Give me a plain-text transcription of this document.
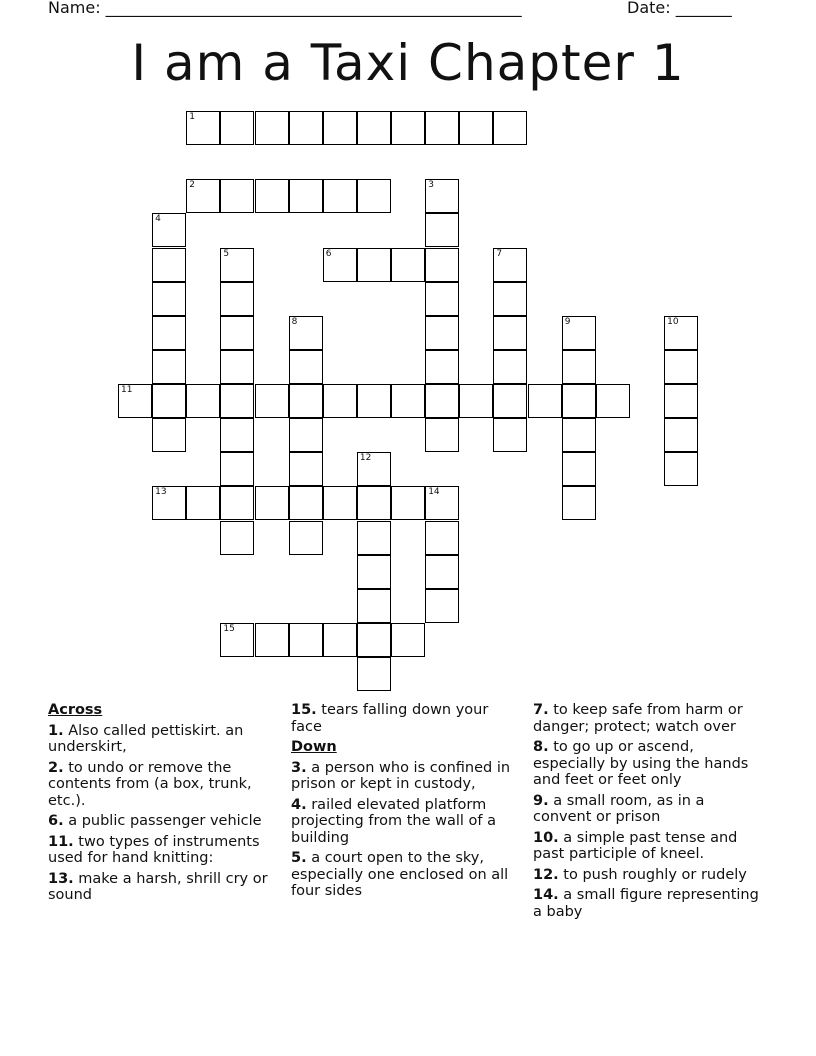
Name: ____________________________________________________	Date: _______
I am a Taxi Chapter 1
1
2	3
4
5	6	7
8	9	10
11
12
13	14
15
Across
1. Also called pettiskirt. an underskirt,
2. to undo or remove the contents from (a box, trunk, etc.).
6. a public passenger vehicle
11. two types of instruments used for hand knitting:
13. make a harsh, shrill cry or sound
15. tears falling down your face
Down
3. a person who is confined in prison or kept in custody,
4. railed elevated platform projecting from the wall of a building
5. a court open to the sky, especially one enclosed on all four sides
7. to keep safe from harm or danger; protect; watch over
8. to go up or ascend, especially by using the hands and feet or feet only
9. a small room, as in a convent or prison
10. a simple past tense and past participle of kneel.
12. to push roughly or rudely
14. a small figure representing a baby
